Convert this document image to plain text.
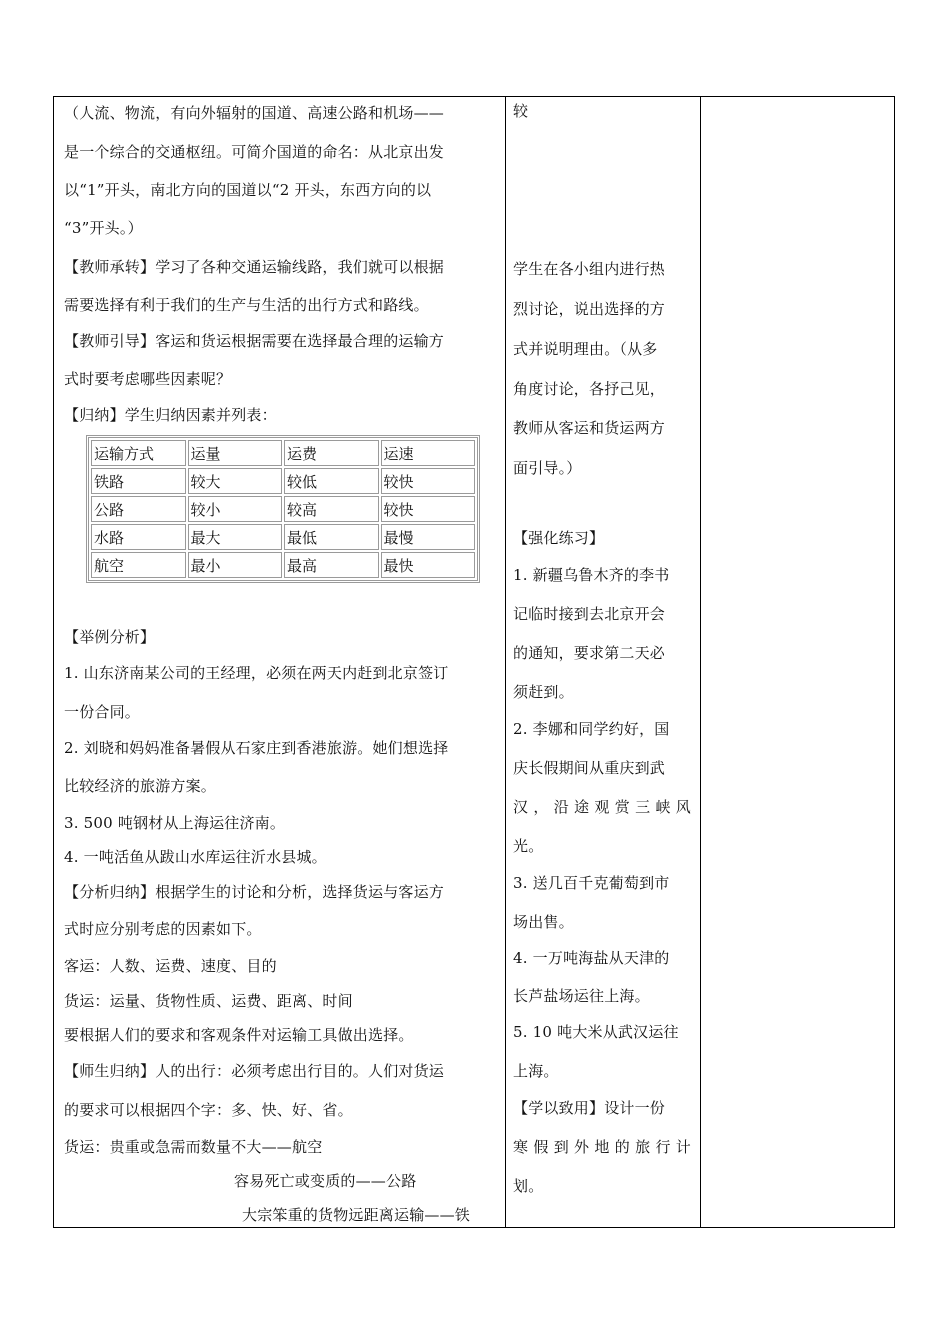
（人流、物流，有向外辐射的国道、高速公路和机场——
是一个综合的交通枢纽。可简介国道的命名：从北京出发
以“1”开头，南北方向的国道以“2 开头，东西方向的以
“3”开头。）
【教师承转】学习了各种交通运输线路，我们就可以根据
需要选择有利于我们的生产与生活的出行方式和路线。
【教师引导】客运和货运根据需要在选择最合理的运输方
式时要考虑哪些因素呢？
【归纳】学生归纳因素并列表：
运输方式	运量	运费	运速
铁路	较大	较低	较快
公路	较小	较高	较快
水路	最大	最低	最慢
航空	最小	最高	最快
【举例分析】
1. 山东济南某公司的王经理，必须在两天内赶到北京签订
一份合同。
2. 刘晓和妈妈准备暑假从石家庄到香港旅游。她们想选择
比较经济的旅游方案。
3. 500 吨钢材从上海运往济南。
4. 一吨活鱼从跋山水库运往沂水县城。
【分析归纳】根据学生的讨论和分析，选择货运与客运方
式时应分别考虑的因素如下。
客运：人数、运费、速度、目的
货运：运量、货物性质、运费、距离、时间
要根据人们的要求和客观条件对运输工具做出选择。
【师生归纳】人的出行：必须考虑出行目的。人们对货运
的要求可以根据四个字：多、快、好、省。
货运：贵重或急需而数量不大——航空
容易死亡或变质的——公路
大宗笨重的货物远距离运输——铁
较
学生在各小组内进行热
烈讨论，说出选择的方
式并说明理由。（从多
角度讨论，各抒己见，
教师从客运和货运两方
面引导。）
【强化练习】
1. 新疆乌鲁木齐的李书
记临时接到去北京开会
的通知，要求第二天必
须赶到。
2. 李娜和同学约好，国
庆长假期间从重庆到武
汉，沿途观赏三峡风
光。
3. 送几百千克葡萄到市
场出售。
4. 一万吨海盐从天津的
长芦盐场运往上海。
5. 10 吨大米从武汉运往
上海。
【学以致用】设计一份
寒假到外地的旅行计
划。
